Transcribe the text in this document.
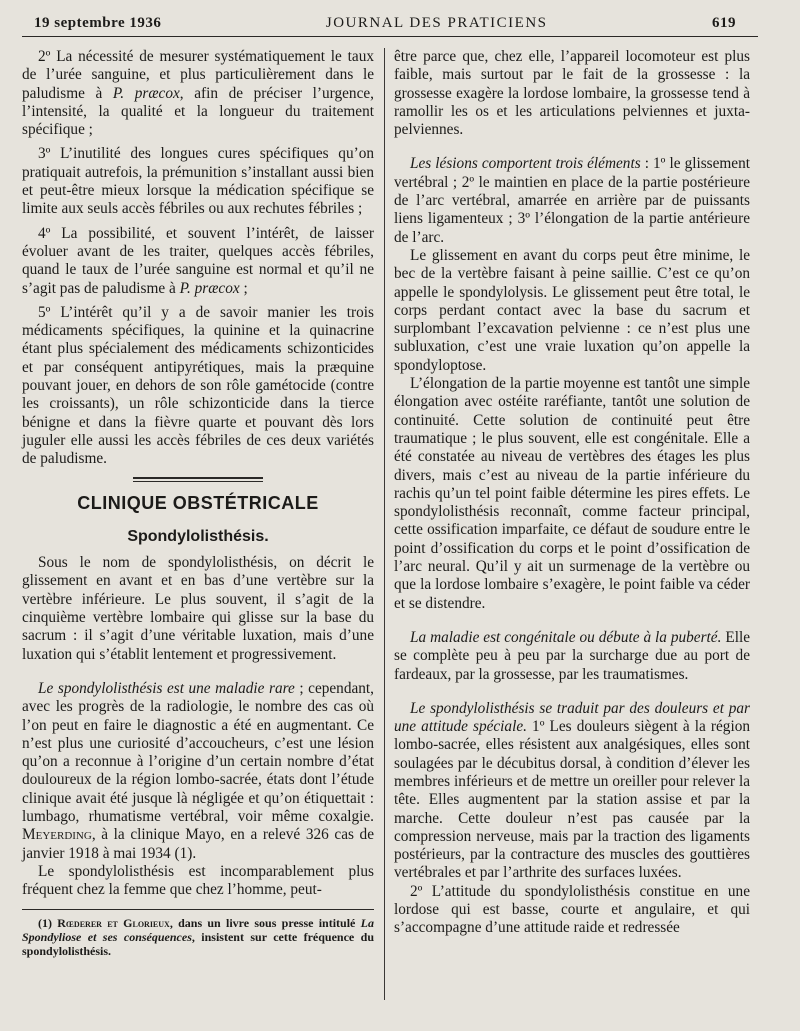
19 septembre 1936	JOURNAL DES PRATICIENS	619

2º La nécessité de mesurer systématiquement le taux de l’urée sanguine, et plus particulièrement dans le paludisme à P. præcox, afin de préciser l’urgence, l’intensité, la qualité et la longueur du traitement spécifique ;

3º L’inutilité des longues cures spécifiques qu’on pratiquait autrefois, la prémunition s’installant aussi bien et peut-être mieux lorsque la médication spécifique se limite aux seuls accès fébriles ou aux rechutes fébriles ;

4º La possibilité, et souvent l’intérêt, de laisser évoluer avant de les traiter, quelques accès fébriles, quand le taux de l’urée sanguine est normal et qu’il ne s’agit pas de paludisme à P. præcox ;

5º L’intérêt qu’il y a de savoir manier les trois médicaments spécifiques, la quinine et la quinacrine étant plus spécialement des médicaments schizonticides et par conséquent antipyrétiques, mais la præquine pouvant jouer, en dehors de son rôle gamétocide (contre les croissants), un rôle schizonticide dans la tierce bénigne et dans la fièvre quarte et pouvant dès lors juguler elle aussi les accès fébriles de ces deux variétés de paludisme.

CLINIQUE OBSTÉTRICALE
Spondylolisthésis.

Sous le nom de spondylolisthésis, on décrit le glissement en avant et en bas d’une vertèbre sur la vertèbre inférieure. Le plus souvent, il s’agit de la cinquième vertèbre lombaire qui glisse sur la base du sacrum : il s’agit d’une véritable luxation, mais d’une luxation qui s’établit lentement et progressivement.

Le spondylolisthésis est une maladie rare ; cependant, avec les progrès de la radiologie, le nombre des cas où l’on peut en faire le diagnostic a été en augmentant. Ce n’est plus une curiosité d’accoucheurs, c’est une lésion qu’on a reconnue à l’origine d’un certain nombre d’état douloureux de la région lombo-sacrée, états dont l’étude clinique avait été jusque là négligée et qu’on étiquettait : lumbago, rhumatisme vertébral, voir même coxalgie. Meyerding, à la clinique Mayo, en a relevé 326 cas de janvier 1918 à mai 1934 (1).

Le spondylolisthésis est incomparablement plus fréquent chez la femme que chez l’homme, peut-

(1) Rœderer et Glorieux, dans un livre sous presse intitulé La Spondyliose et ses conséquences, insistent sur cette fréquence du spondylolisthésis.

être parce que, chez elle, l’appareil locomoteur est plus faible, mais surtout par le fait de la grossesse : la grossesse exagère la lordose lombaire, la grossesse tend à ramollir les os et les articulations pelviennes et juxta-pelviennes.

Les lésions comportent trois éléments : 1º le glissement vertébral ; 2º le maintien en place de la partie postérieure de l’arc vertébral, amarrée en arrière par de puissants liens ligamenteux ; 3º l’élongation de la partie antérieure de l’arc.

Le glissement en avant du corps peut être minime, le bec de la vertèbre faisant à peine saillie. C’est ce qu’on appelle le spondylolysis. Le glissement peut être total, le corps perdant contact avec la base du sacrum et surplombant l’excavation pelvienne : ce n’est plus une subluxation, c’est une vraie luxation qu’on appelle la spondyloptose.

L’élongation de la partie moyenne est tantôt une simple élongation avec ostéite raréfiante, tantôt une solution de continuité. Cette solution de continuité peut être traumatique ; le plus souvent, elle est congénitale. Elle a été constatée au niveau de vertèbres des étages les plus divers, mais c’est au niveau de la partie inférieure du rachis qu’un tel point faible détermine les pires effets. Le spondylolisthésis reconnaît, comme facteur principal, cette ossification imparfaite, ce défaut de soudure entre le point d’ossification du corps et le point d’ossification de l’arc neural. Qu’il y ait un surmenage de la vertèbre ou que la lordose lombaire s’exagère, le point faible va céder et se distendre.

La maladie est congénitale ou débute à la puberté. Elle se complète peu à peu par la surcharge due au port de fardeaux, par la grossesse, par les traumatismes.

Le spondylolisthésis se traduit par des douleurs et par une attitude spéciale. 1º Les douleurs siègent à la région lombo-sacrée, elles résistent aux analgésiques, elles sont soulagées par le décubitus dorsal, à condition d’élever les membres inférieurs et de mettre un oreiller pour relever la tête. Elles augmentent par la station assise et par la marche. Cette douleur n’est pas causée par la compression nerveuse, mais par la traction des ligaments postérieurs, par la contracture des muscles des gouttières vertébrales et par l’arthrite des surfaces luxées.

2º L’attitude du spondylolisthésis constitue en une lordose qui est basse, courte et angulaire, et qui s’accompagne d’une attitude raide et redressée
